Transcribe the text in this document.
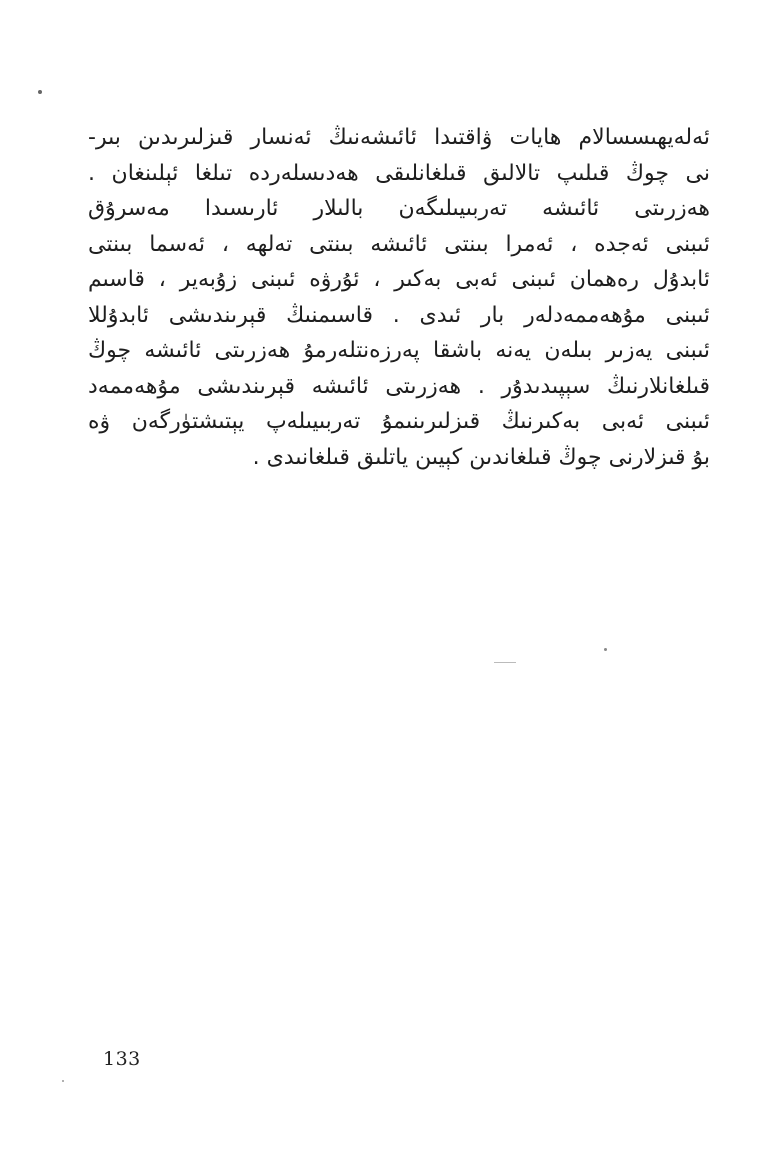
ئەلەيھىسسالام ھايات ۋاقتىدا ئائىشەنىڭ ئەنسار قىزلىرىدىن بىر-
نى چوڭ قىلىپ تالالىق قىلغانلىقى ھەدىسلەردە تىلغا ئېلىنغان .
ھەزرىتى ئائىشە تەربىيىلىگەن بالىلار ئارىسىدا مەسرۇق
ئىبنى ئەجدە ، ئەمرا بىنتى ئائىشە بىنتى تەلھە ، ئەسما بىنتى
ئابدۇل رەھمان ئىبنى ئەبى بەكىر ، ئۇرۋە ئىبنى زۇبەير ، قاسىم
ئىبنى مۇھەممەدلەر بار ئىدى . قاسىمنىڭ قېرىندىشى ئابدۇللا
ئىبنى يەزىر بىلەن يەنە باشقا پەرزەنتلەرمۇ ھەزرىتى ئائىشە چوڭ
قىلغانلارنىڭ سېپىدىدۇر . ھەزرىتى ئائىشە قېرىندىشى مۇھەممەد
ئىبنى ئەبى بەكىرنىڭ قىزلىرىنىمۇ تەربىيىلەپ يېتىشتۈرگەن ۋە
بۇ قىزلارنى چوڭ قىلغاندىن كېيىن ياتلىق قىلغانىدى .
133
